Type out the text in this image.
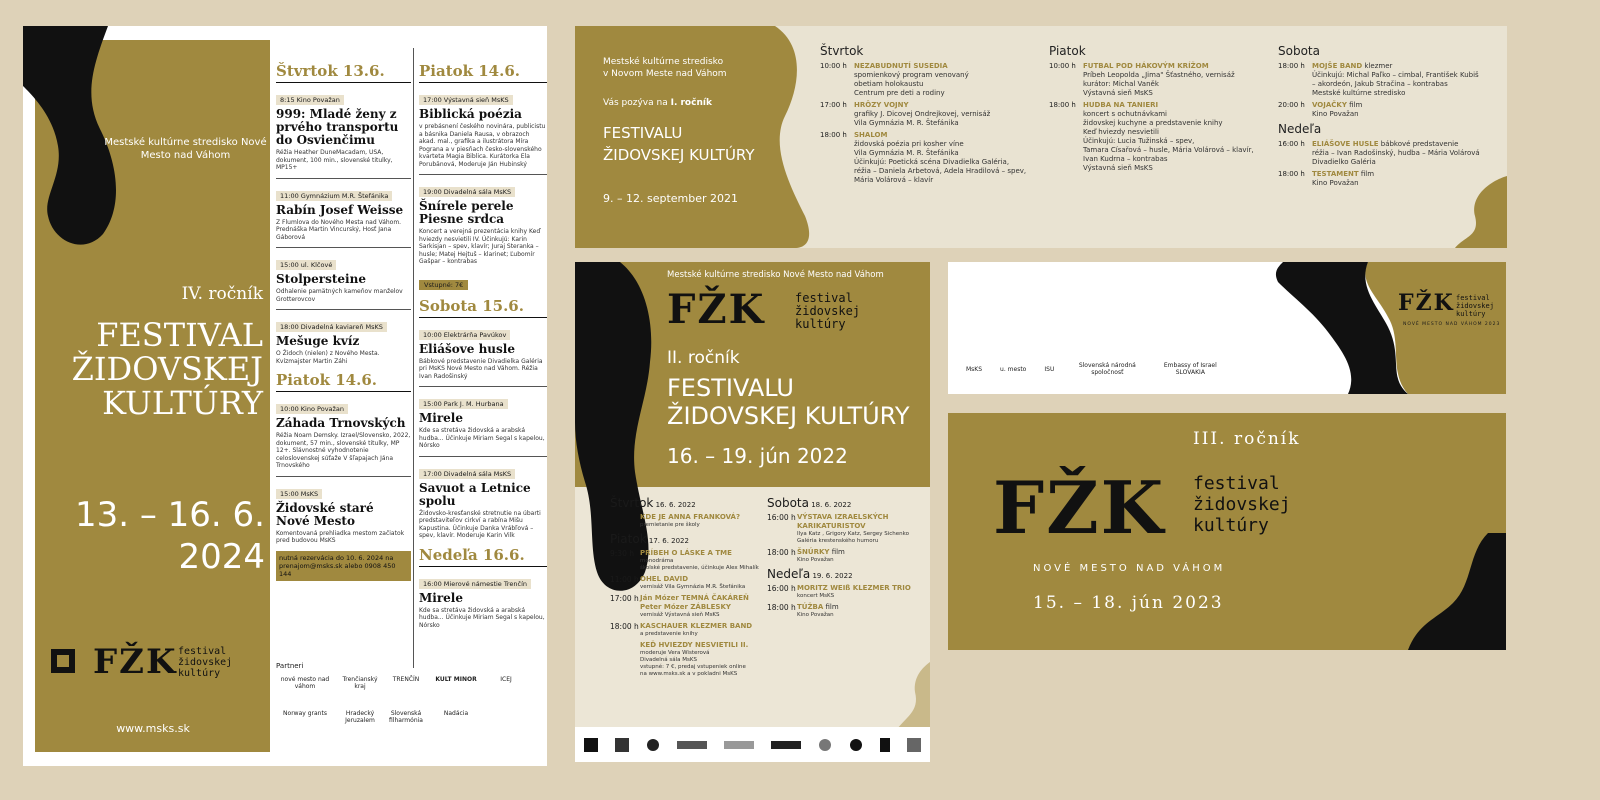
Mestské kultúrne stredisko Nové Mesto nad Váhom
IV. ročník
FESTIVAL
ŽIDOVSKEJ
KULTÚRY
13. – 16. 6. 2024
FŽK festival
židovskej
kultúry
www.msks.sk
Štvrtok 13.6.
8:15 Kino Považan
999: Mladé ženy z prvého transportu do Osvienčimu
Réžia Heather DuneMacadam, USA, dokument, 100 min., slovenské titulky, MP15+
11:00 Gymnázium M.R. Štefánika
Rabín Josef Weisse
Z Flumlova do Nového Mesta nad Váhom. Prednáška Martin Vincurský, Hosť Jana Gáborová
15:00 ul. Klčové
Stolpersteine
Odhalenie pamätných kameňov manželov Grotterovcov
18:00 Divadelná kaviareň MsKS
Mešuge kvíz
O Židoch (nielen) z Nového Mesta. Kvízmajster Martin Záhi
Piatok 14.6.
10:00 Kino Považan
Záhada Trnovských
Réžia Noam Demsky. Izrael/Slovensko, 2022, dokument, 57 min., slovenské titulky, MP 12+. Slávnostné vyhodnotenie celoslovenskej súťaže V šľapajach Jána Trnovského
15:00 MsKS
Židovské staré Nové Mesto
Komentovaná prehliadka mestom začiatok pred budovou MsKS
nutná rezervácia do 10. 6. 2024 na prenajom@msks.sk alebo 0908 450 144
Piatok 14.6.
17:00 Výstavná sieň MsKS
Biblická poézia
v prebásnení českého novinára, publicistu a básnika Daniela Rausa, v obrazoch akad. mal., grafika a ilustrátora Míra Pograna a v piesňach česko-slovenského kvarteta Magia Biblica. Kurátorka Ela Porubänová, Moderuje Ján Hubinský
19:00 Divadelná sála MsKS
Šnírele perele Piesne srdca
Koncert a verejná prezentácia knihy Keď hviezdy nesvietili IV. Účinkujú: Karin Sarkisjan – spev, klavír; Juraj Steranka – husle; Matej Hejtuš – klarinet; Ľubomír Gašpar – kontrabas
Vstupné: 7€
Sobota 15.6.
10:00 Elektrárňa Pavúkov
Eliášove husle
Bábkové predstavenie Divadielka Galéria pri MsKS Nové Mesto nad Váhom. Réžia Ivan Radošinský
15:00 Park J. M. Hurbana
Mirele
Kde sa stretáva židovská a arabská hudba... Účinkuje Miriam Segal s kapelou, Nórsko
17:00 Divadelná sála MsKS
Savuot a Letnice spolu
Židovsko-kresťanské stretnutie na úbarti predstaviteľov cirkví a rabína Mišu Kapustina. Účinkuje Danka Vrábľová – spev, klavír. Moderuje Karin Vilk
Nedeľa 16.6.
16:00 Mierové námestie Trenčín
Mirele
Kde sa stretáva židovská a arabská hudba... Účinkuje Miriam Segal s kapelou, Nórsko
Partneri
nové mesto nad váhom
Trenčianský kraj
TRENČÍN	KULT MINOR	ICEJ
Norway grants	Hradecký Jeruzalem
Slovenská filharmónia
Nadácia
Mestské kultúrne stredisko
v Novom Meste nad Váhom
Vás pozýva na I. ročník
FESTIVALU
ŽIDOVSKEJ KULTÚRY
9. – 12. september 2021
Štvrtok
10:00 h	NEZABUDNUTÍ SUSEDIA
spomienkový program venovaný
obetiam holokaustu
Centrum pre deti a rodiny
17:00 h	HRÔZY VOJNY
grafiky J. Dicovej Ondrejkovej, vernisáž
Vila Gymnázia M. R. Štefánika
18:00 h	SHALOM
židovská poézia pri kosher víne
Vila Gymnázia M. R. Štefánika
Účinkujú: Poetická scéna Divadielka Galéria,
réžia – Daniela Arbetová, Adela Hradilová – spev,
Mária Volárová – klavír
Piatok
10:00 h	FUTBAL POD HÁKOVÝM KRÍŽOM
Príbeh Leopolda „Jima" Šťastného, vernisáž
kurátor: Michal Vaněk
Výstavná sieň MsKS
18:00 h	HUDBA NA TANIERI
koncert s ochutnávkami
židovskej kuchyne a predstavenie knihy
Keď hviezdy nesvietili
Účinkujú: Lucia Tužinská – spev,
Tamara Císařová – husle, Mária Volárová – klavír,
Ivan Kudrna – kontrabas
Výstavná sieň MsKS
Sobota
18:00 h	MOJŠE BAND klezmer
Účinkujú: Michal Paľko – cimbal, František Kubiš
– akordeón, Jakub Stračina – kontrabas
Mestské kultúrne stredisko
20:00 h	VOJAČKY film
Kino Považan
Nedeľa
16:00 h	ELIÁŠOVE HUSLE bábkové predstavenie
réžia – Ivan Radošinský, hudba – Mária Volárová
Divadielko Galéria
18:00 h	TESTAMENT film
Kino Považan
Mestské kultúrne stredisko Nové Mesto nad Váhom
FŽK festival
židovskej
kultúry
II. ročník
FESTIVALU
ŽIDOVSKEJ KULTÚRY
16. – 19. jún 2022
Štvrtok 16. 6. 2022
KDE JE ANNA FRANKOVÁ?
premietanie pre školy
Piatok 17. 6. 2022
9:30 h PRÍBEH O LÁSKE A TME
monodráma
školské predstavenie, účinkuje Alex Mihalík
11:00 h OHEL DAVID
vernisáž Vila Gymnázia M.R. Štefánika
17:00 h Ján Mózer TEMNÁ ČAKÁREŇ Peter Mózer ZÁBLESKY
vernisáž Výstavná sieň MsKS
18:00 h KASCHAUER KLEZMER BAND
a predstavenie knihy
KEĎ HVIEZDY NESVIETILI II.
moderuje Vera Wisterová
Divadelná sála MsKS
vstupné: 7 €, predaj vstupeniek online
na www.msks.sk a v pokladni MsKS
Sobota 18. 6. 2022
16:00 h VÝSTAVA IZRAELSKÝCH KARIKATURISTOV
Ilya Katz , Grigory Katz, Sergey Sichenko
Galéria krestenského humoru
18:00 h ŠNÚRKY film
Kino Považan
Nedeľa 19. 6. 2022
16:00 h MORITZ WEIß KLEZMER TRIO
koncert MsKS
18:00 h TÚŽBA film
Kino Považan
FŽK festival
židovskej
kultúry
NOVÉ MESTO NAD VÁHOM 2023
MsKS	u. mesto	ISU	Slovenská národná spoločnosť
Embassy of Israel SLOVAKIA
III. ročník
FŽK festival
židovskej
kultúry
NOVÉ MESTO NAD VÁHOM
15. – 18. jún 2023
